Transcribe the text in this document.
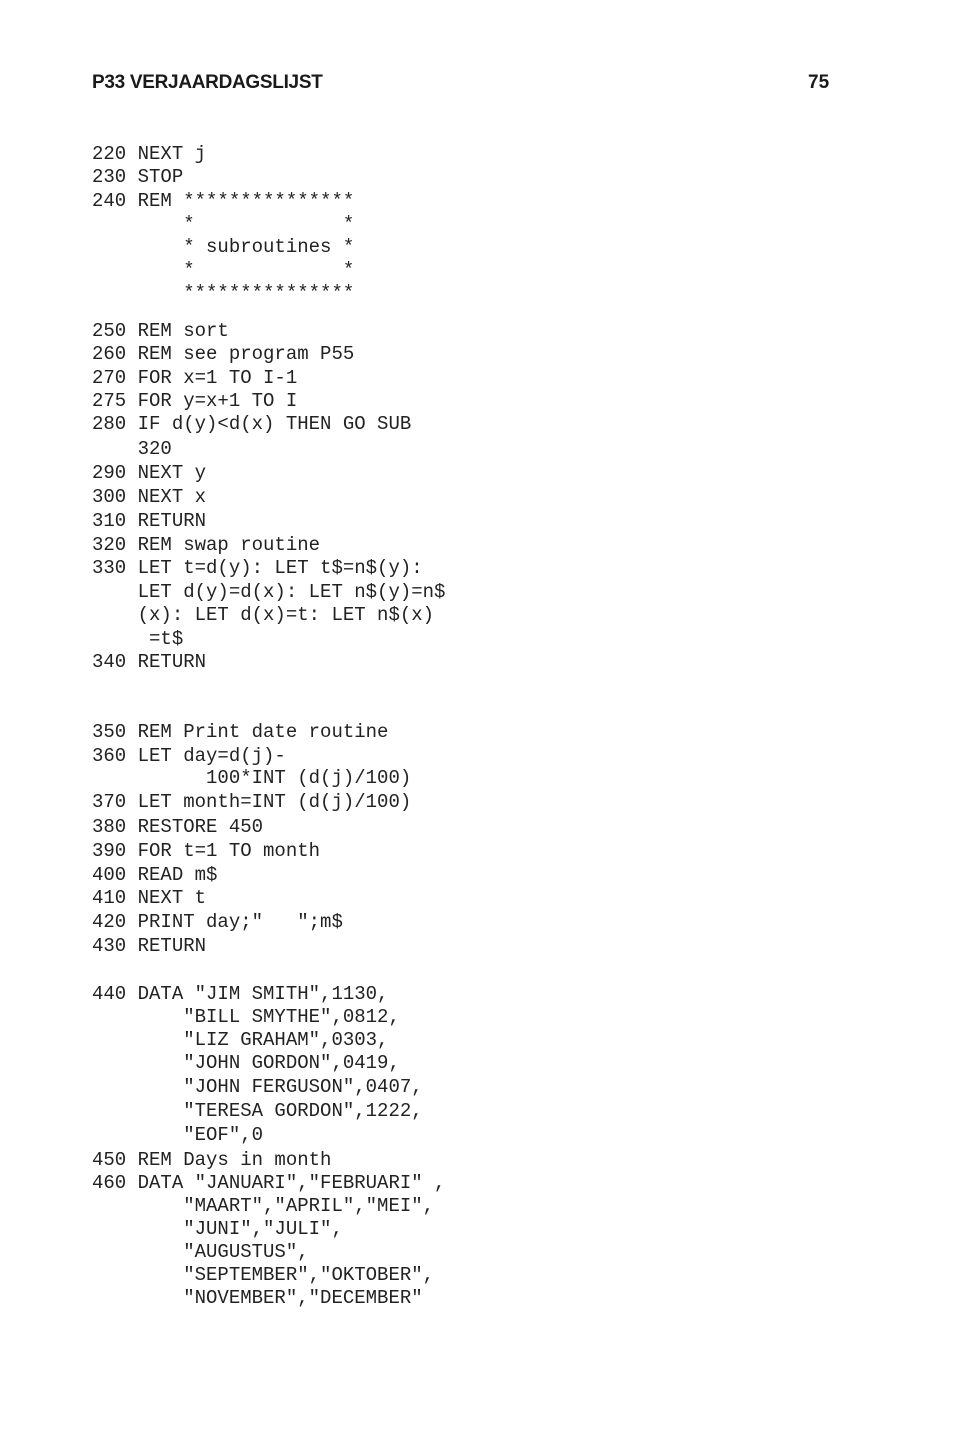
P33 VERJAARDAGSLIJST	75
220 NEXT j
230 STOP
240 REM ***************
*             *
* subroutines *
*             *
***************
250 REM sort
260 REM see program P55
270 FOR x=1 TO I-1
275 FOR y=x+1 TO I
280 IF d(y)<d(x) THEN GO SUB
320
290 NEXT y
300 NEXT x
310 RETURN
320 REM swap routine
330 LET t=d(y): LET t$=n$(y):
LET d(y)=d(x): LET n$(y)=n$
(x): LET d(x)=t: LET n$(x)
=t$
340 RETURN
350 REM Print date routine
360 LET day=d(j)-
100*INT (d(j)/100)
370 LET month=INT (d(j)/100)
380 RESTORE 450
390 FOR t=1 TO month
400 READ m$
410 NEXT t
420 PRINT day;"   ";m$
430 RETURN
440 DATA "JIM SMITH",1130,
"BILL SMYTHE",0812,
"LIZ GRAHAM",0303,
"JOHN GORDON",0419,
"JOHN FERGUSON",0407,
"TERESA GORDON",1222,
"EOF",0
450 REM Days in month
460 DATA "JANUARI","FEBRUARI" ,
"MAART","APRIL","MEI",
"JUNI","JULI",
"AUGUSTUS",
"SEPTEMBER","OKTOBER",
"NOVEMBER","DECEMBER"
